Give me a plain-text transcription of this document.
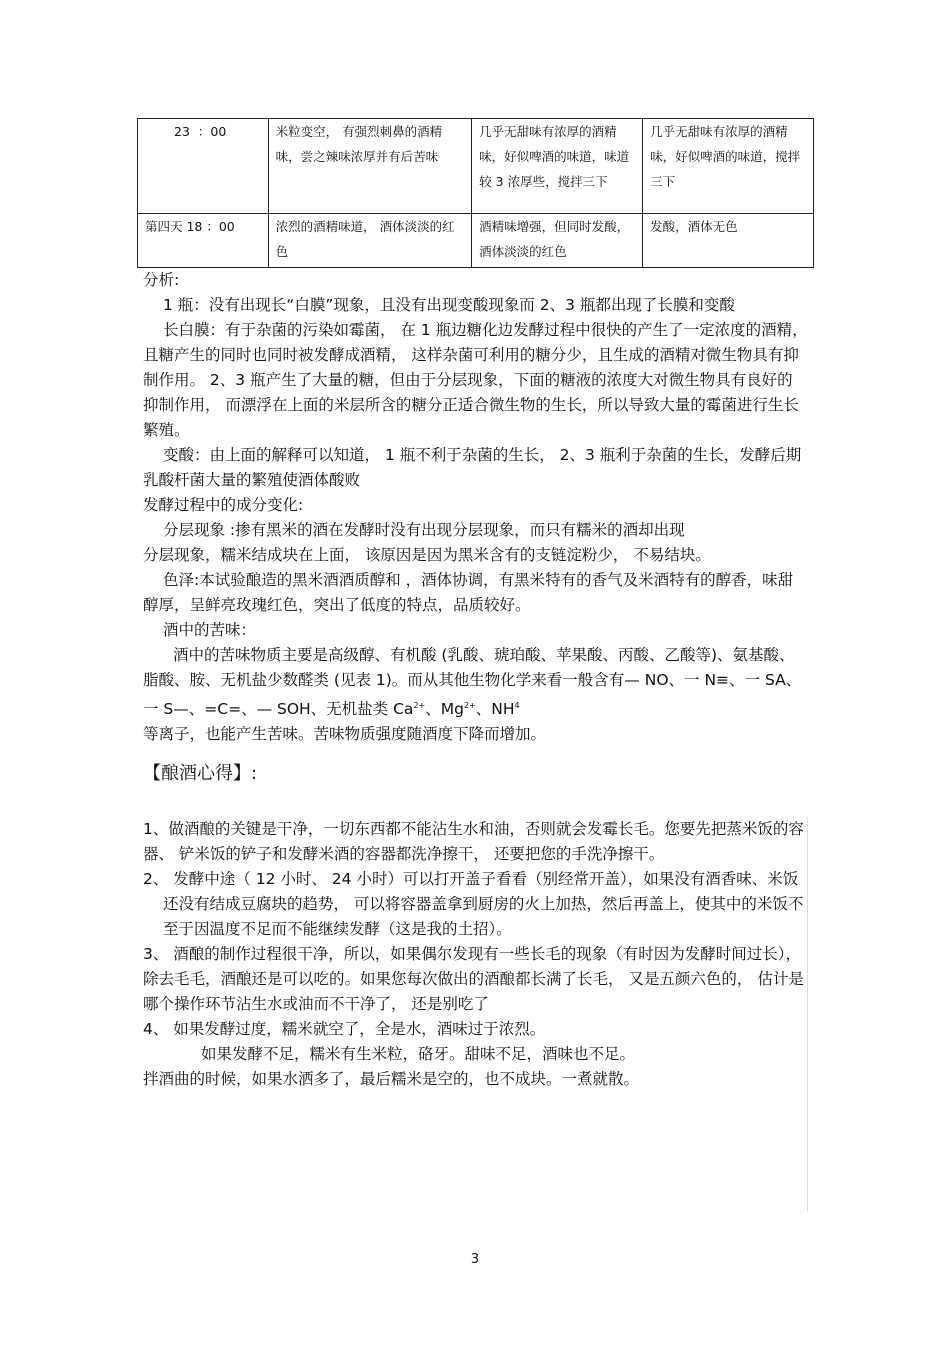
23 ：00	米粒变空， 有强烈刺鼻的酒精味，尝之辣味浓厚并有后苦味	几乎无甜味有浓厚的酒精味，好似啤酒的味道，味道较 3 浓厚些，搅拌三下	几乎无甜味有浓厚的酒精味，好似啤酒的味道，搅拌三下
第四天 18 ：00	浓烈的酒精味道， 酒体淡淡的红色	酒精味增强，但同时发酸，酒体淡淡的红色	发酸，酒体无色

分析:

1 瓶：没有出现长“白膜”现象，且没有出现变酸现象而 2、3 瓶都出现了长膜和变酸

长白膜：有于杂菌的污染如霉菌， 在 1 瓶边糖化边发酵过程中很快的产生了一定浓度的酒精，且糖产生的同时也同时被发酵成酒精， 这样杂菌可利用的糖分少，且生成的酒精对微生物具有抑制作用。 2、3 瓶产生了大量的糖，但由于分层现象，下面的糖液的浓度大对微生物具有良好的抑制作用， 而漂浮在上面的米层所含的糖分正适合微生物的生长，所以导致大量的霉菌进行生长繁殖。

变酸：由上面的解释可以知道， 1 瓶不利于杂菌的生长， 2、3 瓶利于杂菌的生长，发酵后期乳酸杆菌大量的繁殖使酒体酸败

发酵过程中的成分变化:

分层现象 :掺有黑米的酒在发酵时没有出现分层现象，而只有糯米的酒却出现

分层现象，糯米结成块在上面， 该原因是因为黑米含有的支链淀粉少， 不易结块。

色泽:本试验酿造的黑米酒酒质醇和 ，酒体协调，有黑米特有的香气及米酒特有的醇香，味甜醇厚，呈鲜亮玫瑰红色，突出了低度的特点，品质较好。

酒中的苦味：

酒中的苦味物质主要是高级醇、有机酸 (乳酸、琥珀酸、苹果酸、丙酸、乙酸等)、氨基酸、脂酸、胺、无机盐少数醛类 (见表 1)。而从其他生物化学来看一般含有— NO、一 N≡、一 SA、一 S—、=C=、— SOH、无机盐类 $Ca^{2+}$、$Mg^{2+}$、$NH^4$

等离子，也能产生苦味。苦味物质强度随酒度下降而增加。

【酿酒心得】:

1、做酒酿的关键是干净，一切东西都不能沾生水和油，否则就会发霉长毛。您要先把蒸米饭的容器、 铲米饭的铲子和发酵米酒的容器都洗净擦干， 还要把您的手洗净擦干。

2、 发酵中途（ 12 小时、 24 小时）可以打开盖子看看（别经常开盖），如果没有酒香味、米饭还没有结成豆腐块的趋势， 可以将容器盖拿到厨房的火上加热，然后再盖上，使其中的米饭不至于因温度不足而不能继续发酵（这是我的土招）。

3、 酒酿的制作过程很干净，所以，如果偶尔发现有一些长毛的现象（有时因为发酵时间过长），除去毛毛，酒酿还是可以吃的。如果您每次做出的酒酿都长满了长毛， 又是五颜六色的， 估计是哪个操作环节沾生水或油而不干净了， 还是别吃了

4、 如果发酵过度，糯米就空了，全是水，酒味过于浓烈。

如果发酵不足，糯米有生米粒，硌牙。甜味不足，酒味也不足。

拌酒曲的时候，如果水洒多了，最后糯米是空的，也不成块。一煮就散。

3
